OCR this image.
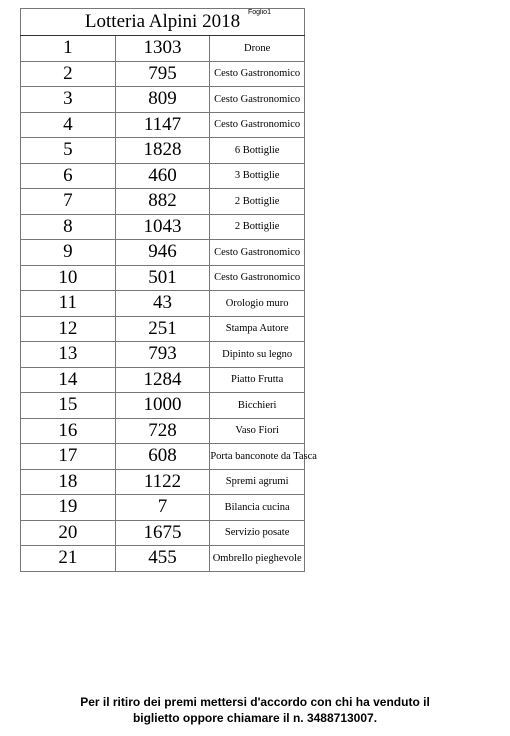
Foglio1
Lotteria Alpini 2018		
1	1303	Drone
2	795	Cesto Gastronomico
3	809	Cesto Gastronomico
4	1147	Cesto Gastronomico
5	1828	6 Bottiglie
6	460	3 Bottiglie
7	882	2 Bottiglie
8	1043	2 Bottiglie
9	946	Cesto Gastronomico
10	501	Cesto Gastronomico
11	43	Orologio muro
12	251	Stampa Autore
13	793	Dipinto su legno
14	1284	Piatto Frutta
15	1000	Bicchieri
16	728	Vaso Fiori
17	608	Porta banconote da Tasca
18	1122	Spremi agrumi
19	7	Bilancia cucina
20	1675	Servizio posate
21	455	Ombrello pieghevole
Per il ritiro dei premi mettersi d'accordo con chi ha venduto il
biglietto oppore chiamare il n. 3488713007.
